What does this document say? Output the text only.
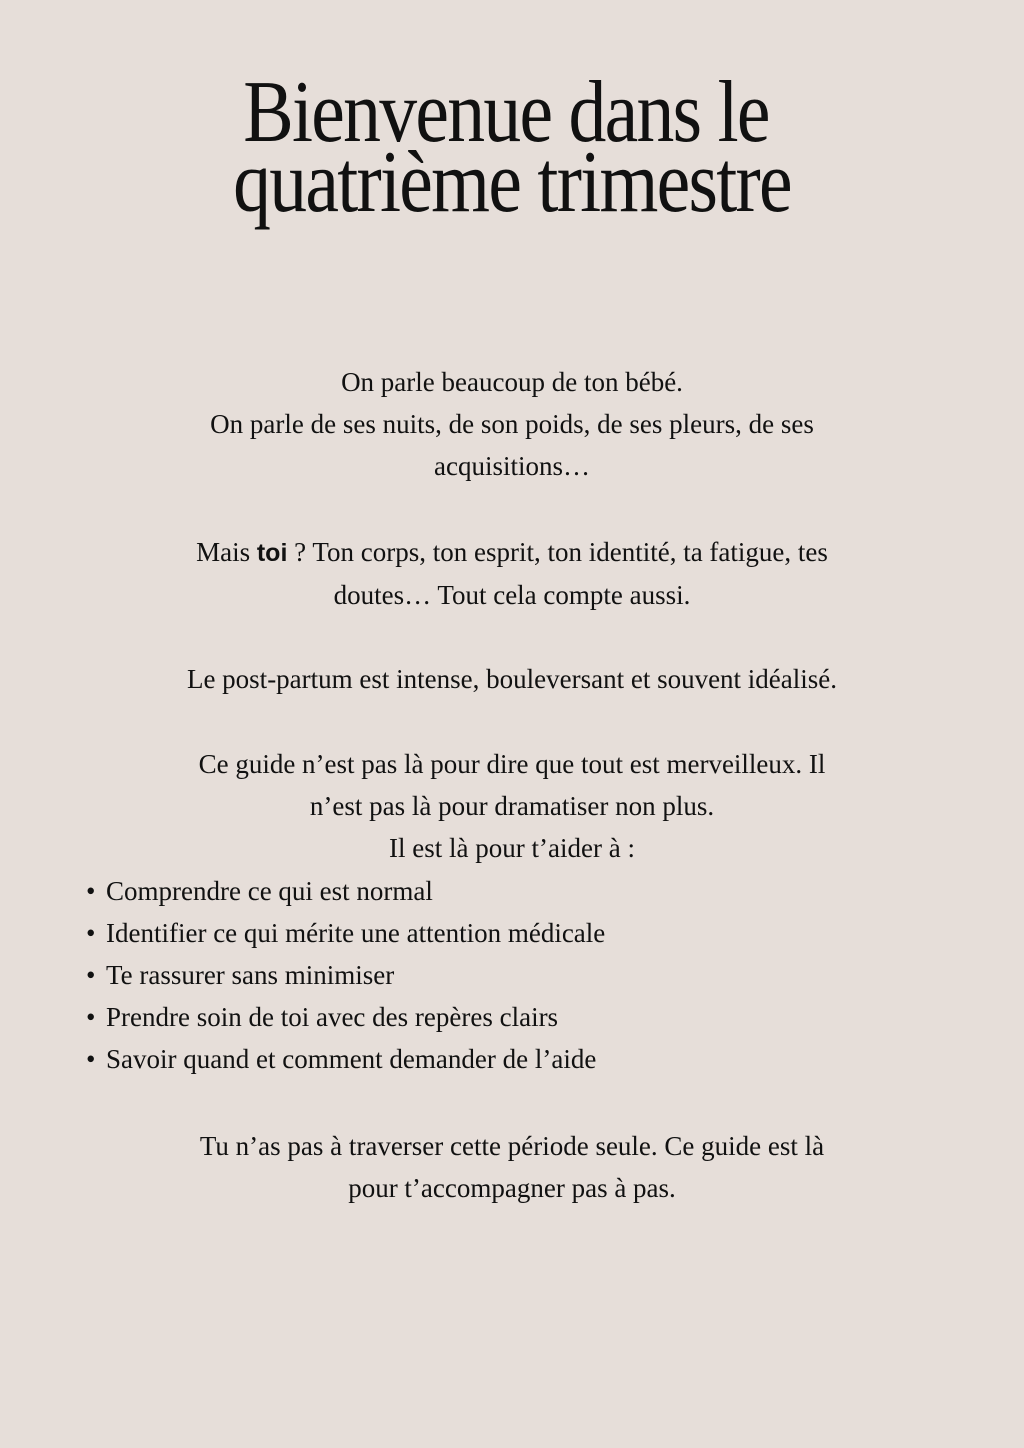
Bienvenue dans le
quatrième trimestre

On parle beaucoup de ton bébé.

On parle de ses nuits, de son poids, de ses pleurs, de ses

acquisitions…

Mais toi ? Ton corps, ton esprit, ton identité, ta fatigue, tes

doutes… Tout cela compte aussi.

Le post-partum est intense, bouleversant et souvent idéalisé.

Ce guide n’est pas là pour dire que tout est merveilleux. Il

n’est pas là pour dramatiser non plus.

Il est là pour t’aider à :

• Comprendre ce qui est normal
• Identifier ce qui mérite une attention médicale
• Te rassurer sans minimiser
• Prendre soin de toi avec des repères clairs
• Savoir quand et comment demander de l’aide

Tu n’as pas à traverser cette période seule. Ce guide est là

pour t’accompagner pas à pas.
